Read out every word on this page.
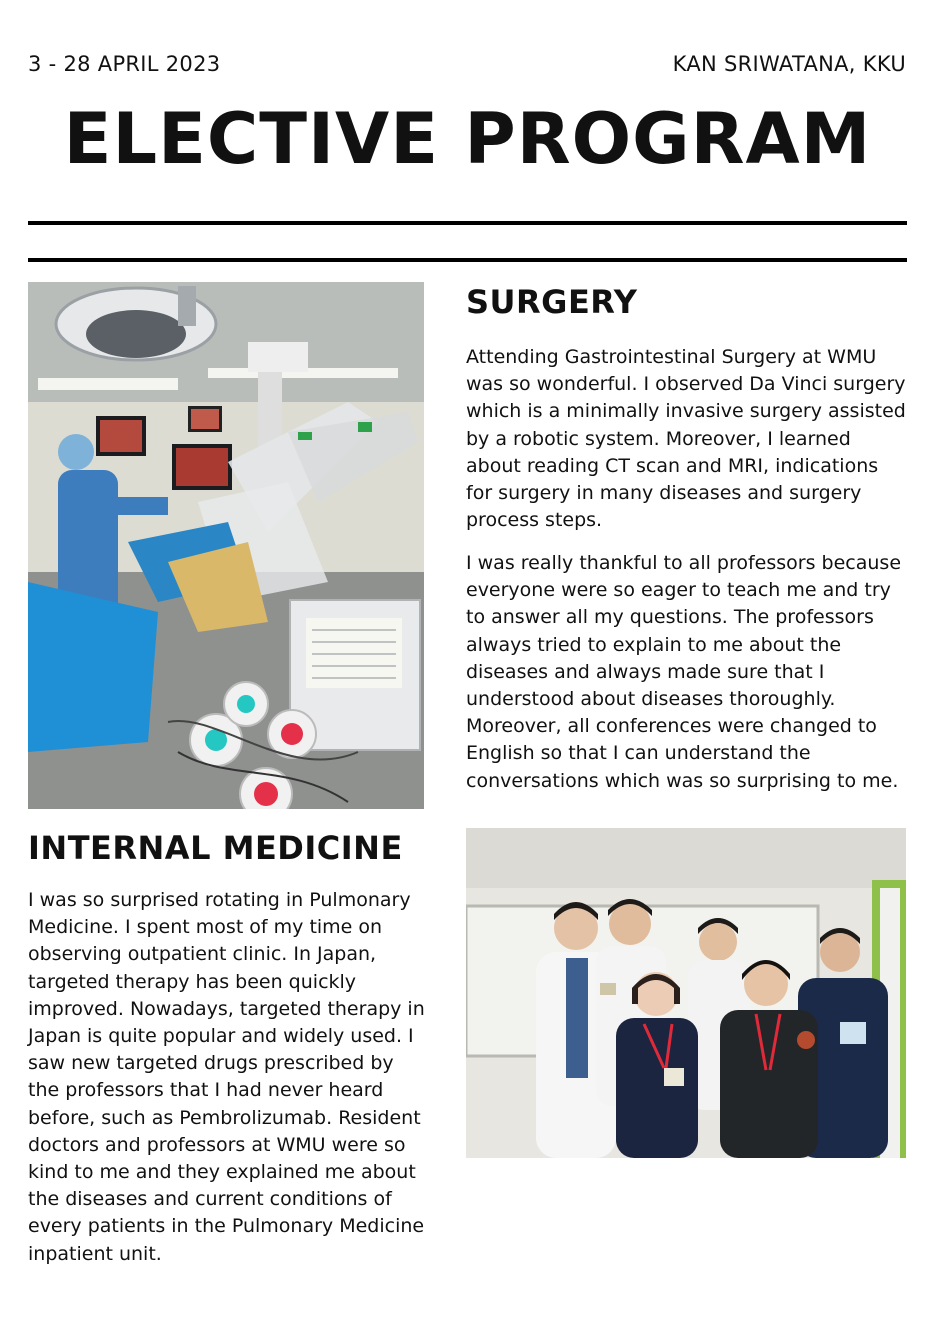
3 - 28 APRIL 2023	KAN SRIWATANA, KKU
ELECTIVE PROGRAM
SURGERY

Attending Gastrointestinal Surgery at WMU was so wonderful. I observed Da Vinci surgery which is a minimally invasive surgery assisted by a robotic system. Moreover, I learned about reading CT scan and MRI, indications for surgery in many diseases and surgery process steps.

I was really thankful to all professors because everyone were so eager to teach me and try to answer all my questions. The professors always tried to explain to me about the diseases and always made sure that I understood about diseases thoroughly. Moreover, all conferences were changed to English so that I can understand the conversations which was so surprising to me.

INTERNAL MEDICINE

I was so surprised rotating in Pulmonary Medicine. I spent most of my time on observing outpatient clinic. In Japan, targeted therapy has been quickly improved. Nowadays, targeted therapy in Japan is quite popular and widely used. I saw new targeted drugs prescribed by the professors that I had never heard before, such as Pembrolizumab. Resident doctors and professors at WMU were so kind to me and they explained me about the diseases and current conditions of every patients in the Pulmonary Medicine inpatient unit.
